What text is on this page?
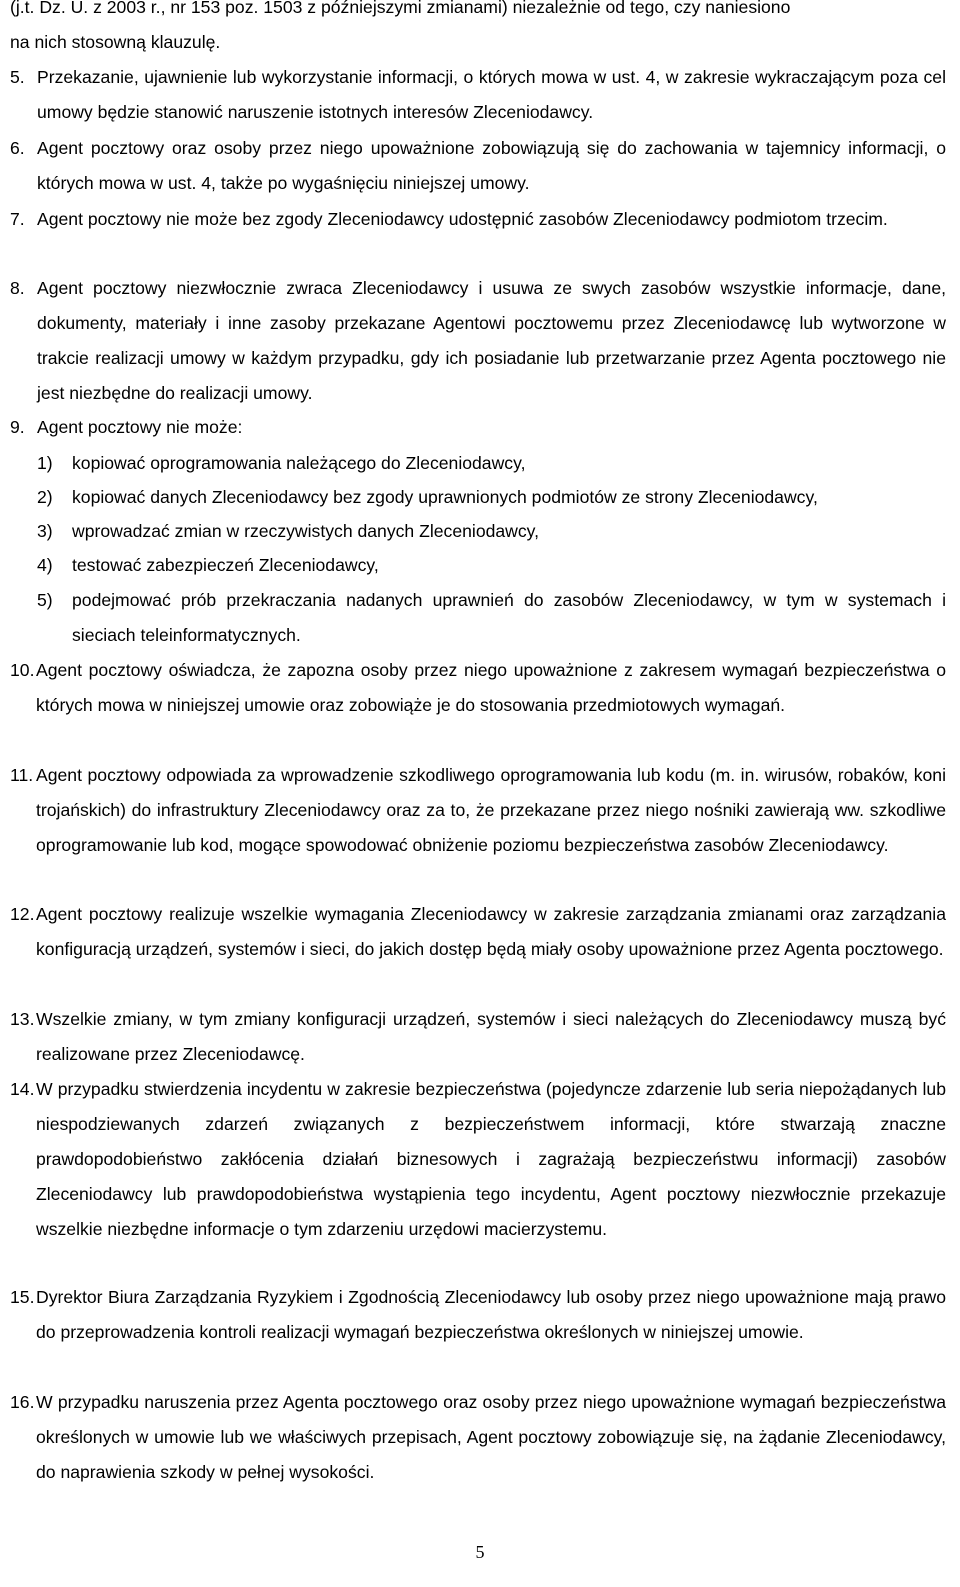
(j.t. Dz. U. z 2003 r., nr 153 poz. 1503 z późniejszymi zmianami) niezależnie od tego, czy naniesiono
na nich stosowną klauzulę.
5. Przekazanie, ujawnienie lub wykorzystanie informacji, o których mowa w ust. 4, w zakresie wykraczającym poza cel umowy będzie stanowić naruszenie istotnych interesów Zleceniodawcy.
6. Agent pocztowy oraz osoby przez niego upoważnione zobowiązują się do zachowania w tajemnicy informacji, o których mowa w ust. 4, także po wygaśnięciu niniejszej umowy.
7. Agent pocztowy nie może bez zgody Zleceniodawcy udostępnić zasobów Zleceniodawcy podmiotom trzecim.
8. Agent pocztowy niezwłocznie zwraca Zleceniodawcy i usuwa ze swych zasobów wszystkie informacje, dane, dokumenty, materiały i inne zasoby przekazane Agentowi pocztowemu przez Zleceniodawcę lub wytworzone w trakcie realizacji umowy w każdym przypadku, gdy ich posiadanie lub przetwarzanie przez Agenta pocztowego nie jest niezbędne do realizacji umowy.
9. Agent pocztowy nie może:
1) kopiować oprogramowania należącego do Zleceniodawcy,
2) kopiować danych Zleceniodawcy bez zgody uprawnionych podmiotów ze strony Zleceniodawcy,
3) wprowadzać zmian w rzeczywistych danych Zleceniodawcy,
4) testować zabezpieczeń Zleceniodawcy,
5) podejmować prób przekraczania nadanych uprawnień do zasobów Zleceniodawcy, w tym w systemach i sieciach teleinformatycznych.
10. Agent pocztowy oświadcza, że zapozna osoby przez niego upoważnione z zakresem wymagań bezpieczeństwa o których mowa w niniejszej umowie oraz zobowiąże je do stosowania przedmiotowych wymagań.
11. Agent pocztowy odpowiada za wprowadzenie szkodliwego oprogramowania lub kodu (m. in. wirusów, robaków, koni trojańskich) do infrastruktury Zleceniodawcy oraz za to, że przekazane przez niego nośniki zawierają ww. szkodliwe oprogramowanie lub kod, mogące spowodować obniżenie poziomu bezpieczeństwa zasobów Zleceniodawcy.
12. Agent pocztowy realizuje wszelkie wymagania Zleceniodawcy w zakresie zarządzania zmianami oraz zarządzania konfiguracją urządzeń, systemów i sieci, do jakich dostęp będą miały osoby upoważnione przez Agenta pocztowego.
13. Wszelkie zmiany, w tym zmiany konfiguracji urządzeń, systemów i sieci należących do Zleceniodawcy muszą być realizowane przez Zleceniodawcę.
14. W przypadku stwierdzenia incydentu w zakresie bezpieczeństwa (pojedyncze zdarzenie lub seria niepożądanych lub niespodziewanych zdarzeń związanych z bezpieczeństwem informacji, które stwarzają znaczne prawdopodobieństwo zakłócenia działań biznesowych i zagrażają bezpieczeństwu informacji) zasobów Zleceniodawcy lub prawdopodobieństwa wystąpienia tego incydentu, Agent pocztowy niezwłocznie przekazuje wszelkie niezbędne informacje o tym zdarzeniu urzędowi macierzystemu.
15. Dyrektor Biura Zarządzania Ryzykiem i Zgodnością Zleceniodawcy lub osoby przez niego upoważnione mają prawo do przeprowadzenia kontroli realizacji wymagań bezpieczeństwa określonych w niniejszej umowie.
16. W przypadku naruszenia przez Agenta pocztowego oraz osoby przez niego upoważnione wymagań bezpieczeństwa określonych w umowie lub we właściwych przepisach, Agent pocztowy zobowiązuje się, na żądanie Zleceniodawcy, do naprawienia szkody w pełnej wysokości.
5
